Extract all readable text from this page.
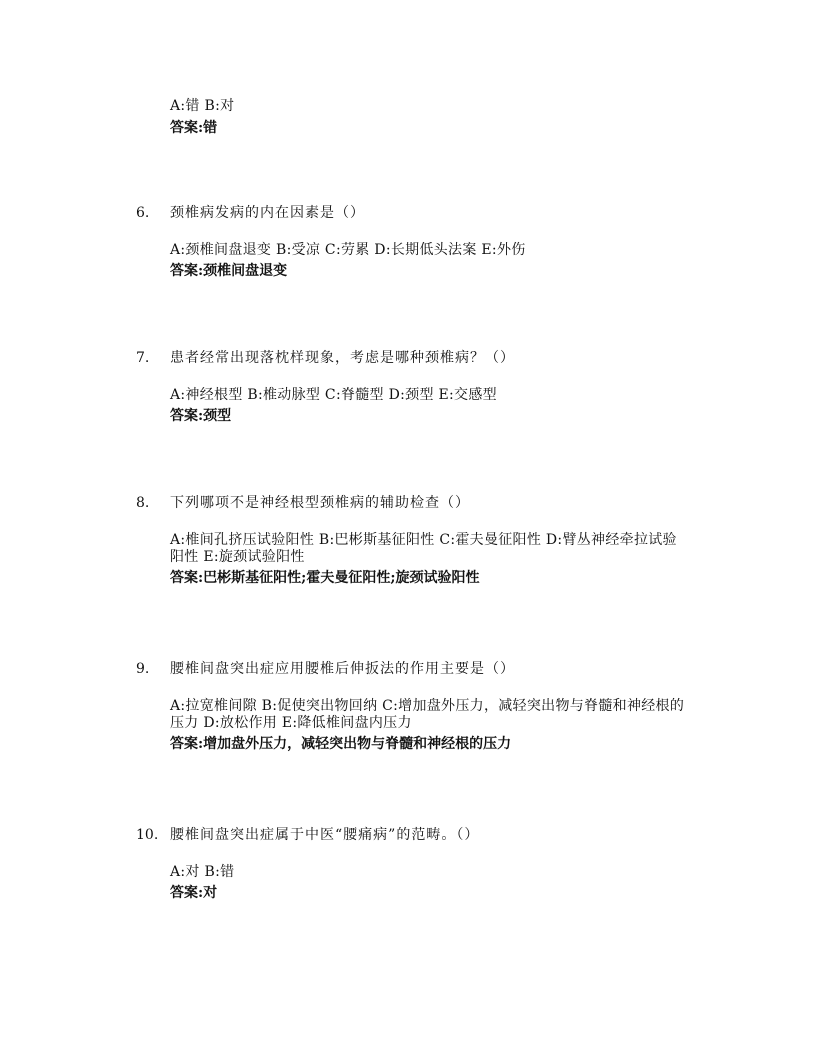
A:错 B:对
答案:错
6.	颈椎病发病的内在因素是（）
A:颈椎间盘退变 B:受凉 C:劳累 D:长期低头法案 E:外伤
答案:颈椎间盘退变
7.	患者经常出现落枕样现象，考虑是哪种颈椎病？（）
A:神经根型 B:椎动脉型 C:脊髓型 D:颈型 E:交感型
答案:颈型
8.	下列哪项不是神经根型颈椎病的辅助检查（）
A:椎间孔挤压试验阳性 B:巴彬斯基征阳性 C:霍夫曼征阳性 D:臂丛神经牵拉试验阳性 E:旋颈试验阳性
答案:巴彬斯基征阳性;霍夫曼征阳性;旋颈试验阳性
9.	腰椎间盘突出症应用腰椎后伸扳法的作用主要是（）
A:拉宽椎间隙 B:促使突出物回纳 C:增加盘外压力，减轻突出物与脊髓和神经根的压力 D:放松作用 E:降低椎间盘内压力
答案:增加盘外压力，减轻突出物与脊髓和神经根的压力
10. 腰椎间盘突出症属于中医“腰痛病”的范畴。（）
A:对 B:错
答案:对
